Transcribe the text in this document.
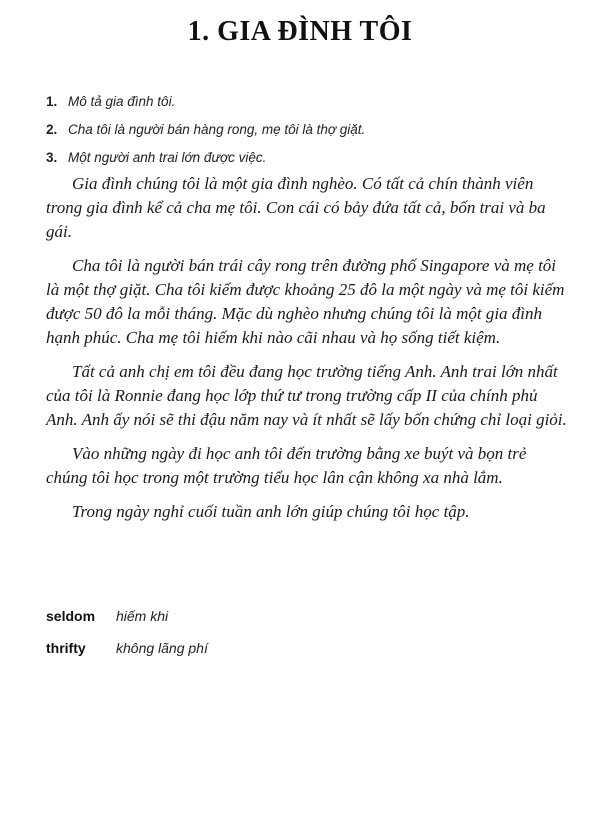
1. GIA ĐÌNH TÔI
1. Mô tả gia đình tôi.
2. Cha tôi là người bán hàng rong, mẹ tôi là thợ giặt.
3. Một người anh trai lớn được việc.

Gia đình chúng tôi là một gia đình nghèo. Có tất cả chín thành viên trong gia đình kể cả cha mẹ tôi. Con cái có bảy đứa tất cả, bốn trai và ba gái.

Cha tôi là người bán trái cây rong trên đường phố Singapore và mẹ tôi là một thợ giặt. Cha tôi kiếm được khoảng 25 đô la một ngày và mẹ tôi kiếm được 50 đô la mỗi tháng. Mặc dù nghèo nhưng chúng tôi là một gia đình hạnh phúc. Cha mẹ tôi hiếm khi nào cãi nhau và họ sống tiết kiệm.

Tất cả anh chị em tôi đều đang học trường tiếng Anh. Anh trai lớn nhất của tôi là Ronnie đang học lớp thứ tư trong trường cấp II của chính phủ Anh. Anh ấy nói sẽ thi đậu năm nay và ít nhất sẽ lấy bốn chứng chỉ loại giỏi.

Vào những ngày đi học anh tôi đến trường bằng xe buýt và bọn trẻ chúng tôi học trong một trường tiểu học lân cận không xa nhà lắm.

Trong ngày nghỉ cuối tuần anh lớn giúp chúng tôi học tập.

seldom hiếm khi
thrifty không lãng phí
